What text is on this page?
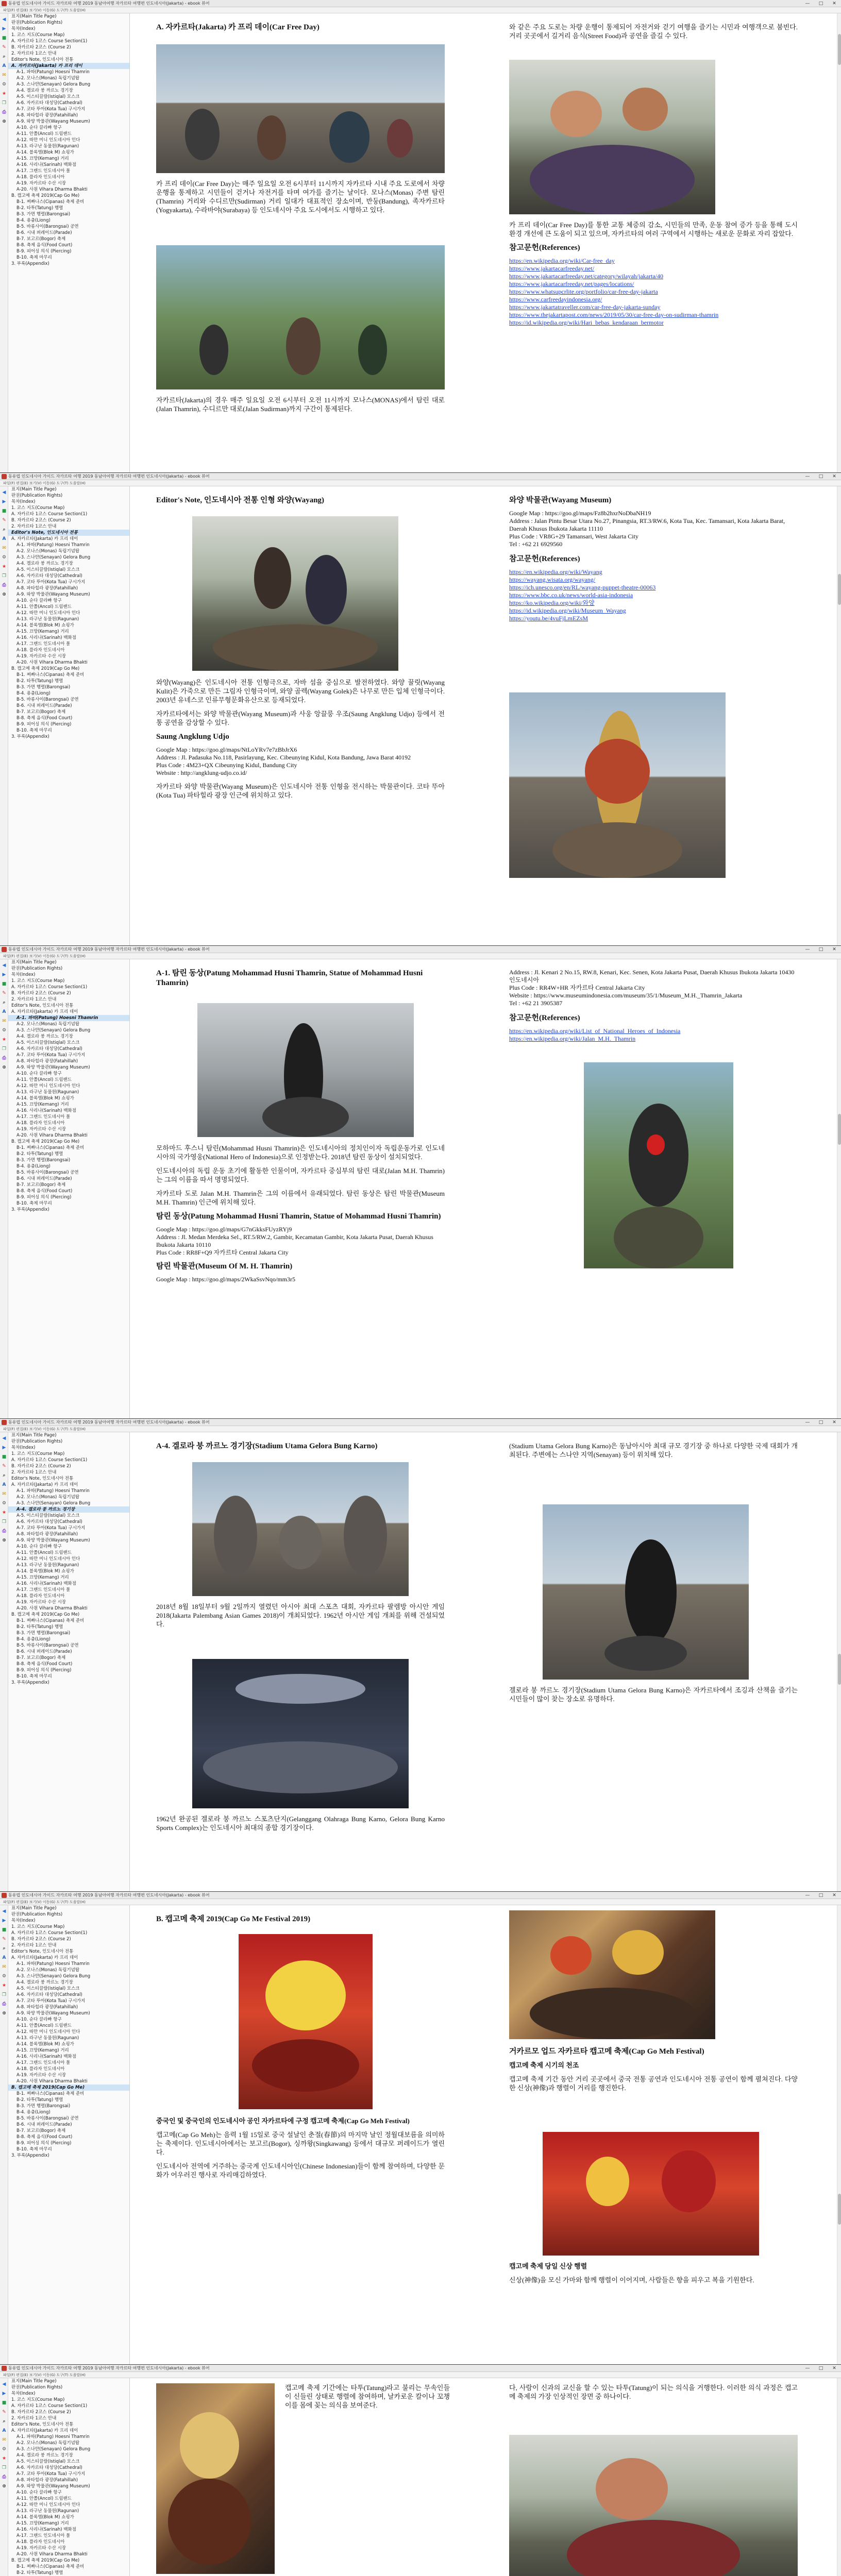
동유럽 인도네시아 가이드 자카르타 여행 2019 동남아여행 자카르타 여행편 인도네시아(Jakarta) - ebook 뷰어	—	□	✕
파일(F) 편집(E) 보기(V) 이동(G) 도구(T) 도움말(H)
◀
▶
■
✎
⌕
A
✉
⚙
★
❐
⎙
⊕
표지(Main Title Page)
판권(Publication Rights)
목차(Index)
1. 코스 지도(Course Map)
A. 자카르타 1코스 Course Section(1)
B. 자카르타 2코스 (Course 2)
2. 자카르타 1코스 안내
Editor's Note, 인도네시아 전통
A. 자카르타(Jakarta) 카 프리 데이
A-1. 파따(Patung) Hoesni Thamrin
A-2. 모나스(Monas) 독립기념탑
A-3. 스나얀(Senayan) Gelora Bung
A-4. 겔로라 붕 까르노 경기장
A-5. 이스티끌랄(Istiqlal) 모스크
A-6. 자카르타 대성당(Cathedral)
A-7. 코타 뚜아(Kota Tua) 구시가지
A-8. 파타힐라 광장(Fatahillah)
A-9. 와양 박물관(Wayang Museum)
A-10. 순다 끌라빠 항구
A-11. 안쫄(Ancol) 드림랜드
A-12. 따만 미니 인도네시아 인다
A-13. 라구난 동물원(Ragunan)
A-14. 블록엠(Blok M) 쇼핑가
A-15. 끄망(Kemang) 거리
A-16. 사리나(Sarinah) 백화점
A-17. 그랜드 인도네시아 몰
A-18. 플라자 인도네시아
A-19. 자카르타 수산 시장
A-20. 사원 Vihara Dharma Bhakti
B. 캡고메 축제 2019(Cap Go Me)
B-1. 찌빠나스(Cipanas) 축제 준비
B-2. 타투(Tatung) 행렬
B-3. 가면 행렬(Barongsai)
B-4. 용춤(Liong)
B-5. 바롱사이(Barongsai) 공연
B-6. 시내 퍼레이드(Parade)
B-7. 보고르(Bogor) 축제
B-8. 축제 음식(Food Court)
B-9. 피어싱 의식 (Piercing)
B-10. 축제 마무리
3. 부록(Appendix)
A. 자카르타(Jakarta) 카 프리 데이(Car Free Day)
카 프리 데이(Car Free Day)는 매주 일요일 오전 6시부터 11시까지 자카르타 시내 주요 도로에서 차량 운행을 통제하고 시민들이 걷거나 자전거를 타며 여가를 즐기는 날이다. 모나스(Monas) 주변 탐린(Thamrin) 거리와 수디르만(Sudirman) 거리 일대가 대표적인 장소이며, 반둥(Bandung), 족자카르타(Yogyakarta), 수라바야(Surabaya) 등 인도네시아 주요 도시에서도 시행하고 있다.
자카르타(Jakarta)의 경우 매주 일요일 오전 6시부터 오전 11시까지 모나스(MONAS)에서 탐린 대로(Jalan Thamrin), 수디르만 대로(Jalan Sudirman)까지 구간이 통제된다.
와 같은 주요 도로는 차량 운행이 통제되어 자전거와 걷기 여행을 즐기는 시민과 여행객으로 붐빈다. 거리 곳곳에서 길거리 음식(Street Food)과 공연을 즐길 수 있다.
카 프리 데이(Car Free Day)를 통한 교통 체증의 감소, 시민들의 만족, 운동 참여 증가 등을 통해 도시 환경 개선에 큰 도움이 되고 있으며, 자카르타의 여러 구역에서 시행하는 새로운 문화로 자리 잡았다.
참고문헌(References)
https://en.wikipedia.org/wiki/Car-free_day
https://www.jakartacarfreeday.net/
https://www.jakartacarfreeday.net/category/wilayah/jakarta/40
https://www.jakartacarfreeday.net/pages/locations/
https://www.whatsupcrlite.org/portfolio/car-free-day-jakarta
https://www.carfreedayindonesia.org/
https://www.jakartatraveller.com/car-free-day-jakarta-sunday
https://www.thejakartapost.com/news/2019/05/30/car-free-day-on-sudirman-thamrin
https://id.wikipedia.org/wiki/Hari_bebas_kendaraan_bermotor
동유럽 인도네시아 가이드 자카르타 여행 2019 동남아여행 자카르타 여행편 인도네시아(Jakarta) - ebook 뷰어	—	□	✕
파일(F) 편집(E) 보기(V) 이동(G) 도구(T) 도움말(H)
◀
▶
■
✎
⌕
A
✉
⚙
★
❐
⎙
⊕
표지(Main Title Page)
판권(Publication Rights)
목차(Index)
1. 코스 지도(Course Map)
A. 자카르타 1코스 Course Section(1)
B. 자카르타 2코스 (Course 2)
2. 자카르타 1코스 안내
Editor's Note, 인도네시아 전통
A. 자카르타(Jakarta) 카 프리 데이
A-1. 파따(Patung) Hoesni Thamrin
A-2. 모나스(Monas) 독립기념탑
A-3. 스나얀(Senayan) Gelora Bung
A-4. 겔로라 붕 까르노 경기장
A-5. 이스티끌랄(Istiqlal) 모스크
A-6. 자카르타 대성당(Cathedral)
A-7. 코타 뚜아(Kota Tua) 구시가지
A-8. 파타힐라 광장(Fatahillah)
A-9. 와양 박물관(Wayang Museum)
A-10. 순다 끌라빠 항구
A-11. 안쫄(Ancol) 드림랜드
A-12. 따만 미니 인도네시아 인다
A-13. 라구난 동물원(Ragunan)
A-14. 블록엠(Blok M) 쇼핑가
A-15. 끄망(Kemang) 거리
A-16. 사리나(Sarinah) 백화점
A-17. 그랜드 인도네시아 몰
A-18. 플라자 인도네시아
A-19. 자카르타 수산 시장
A-20. 사원 Vihara Dharma Bhakti
B. 캡고메 축제 2019(Cap Go Me)
B-1. 찌빠나스(Cipanas) 축제 준비
B-2. 타투(Tatung) 행렬
B-3. 가면 행렬(Barongsai)
B-4. 용춤(Liong)
B-5. 바롱사이(Barongsai) 공연
B-6. 시내 퍼레이드(Parade)
B-7. 보고르(Bogor) 축제
B-8. 축제 음식(Food Court)
B-9. 피어싱 의식 (Piercing)
B-10. 축제 마무리
3. 부록(Appendix)
Editor's Note, 인도네시아 전통 인형 와양(Wayang)
와양(Wayang)은 인도네시아 전통 인형극으로, 자바 섬을 중심으로 발전하였다. 와양 꿀릿(Wayang Kulit)은 가죽으로 만든 그림자 인형극이며, 와양 골렉(Wayang Golek)은 나무로 만든 입체 인형극이다. 2003년 유네스코 인류무형문화유산으로 등재되었다.
자카르타에서는 와양 박물관(Wayang Museum)과 사웅 앙끌룽 우조(Saung Angklung Udjo) 등에서 전통 공연을 감상할 수 있다.
Saung Angklung Udjo
Google Map : https://goo.gl/maps/NtLoYRv7e7zBbJrX6
Address : Jl. Padasuka No.118, Pasirlayung, Kec. Cibeunying Kidul, Kota Bandung, Jawa Barat 40192
Plus Code : 4M23+QX Cibeunying Kidul, Bandung City
Website : http://angklung-udjo.co.id/
자카르타 와양 박물관(Wayang Museum)은 인도네시아 전통 인형을 전시하는 박물관이다. 코타 뚜아(Kota Tua) 파타힐라 광장 인근에 위치하고 있다.
와양 박물관(Wayang Museum)
Google Map : https://goo.gl/maps/Fz8b2hxrNoDbaNH19
Address : Jalan Pintu Besar Utara No.27, Pinangsia, RT.3/RW.6, Kota Tua, Kec. Tamansari, Kota Jakarta Barat, Daerah Khusus Ibukota Jakarta 11110
Plus Code : VR8G+29 Tamansari, West Jakarta City
Tel : +62 21 6929560
참고문헌(References)
https://en.wikipedia.org/wiki/Wayang
https://wayang.wisata.org/wayang/
https://ich.unesco.org/en/RL/wayang-puppet-theatre-00063
https://www.bbc.co.uk/news/world-asia-indonesia
https://ko.wikipedia.org/wiki/와양
https://id.wikipedia.org/wiki/Museum_Wayang
https://youtu.be/4vuFjLmEZsM
동유럽 인도네시아 가이드 자카르타 여행 2019 동남아여행 자카르타 여행편 인도네시아(Jakarta) - ebook 뷰어	—	□	✕
파일(F) 편집(E) 보기(V) 이동(G) 도구(T) 도움말(H)
◀
▶
■
✎
⌕
A
✉
⚙
★
❐
⎙
⊕
표지(Main Title Page)
판권(Publication Rights)
목차(Index)
1. 코스 지도(Course Map)
A. 자카르타 1코스 Course Section(1)
B. 자카르타 2코스 (Course 2)
2. 자카르타 1코스 안내
Editor's Note, 인도네시아 전통
A. 자카르타(Jakarta) 카 프리 데이
A-1. 파따(Patung) Hoesni Thamrin
A-2. 모나스(Monas) 독립기념탑
A-3. 스나얀(Senayan) Gelora Bung
A-4. 겔로라 붕 까르노 경기장
A-5. 이스티끌랄(Istiqlal) 모스크
A-6. 자카르타 대성당(Cathedral)
A-7. 코타 뚜아(Kota Tua) 구시가지
A-8. 파타힐라 광장(Fatahillah)
A-9. 와양 박물관(Wayang Museum)
A-10. 순다 끌라빠 항구
A-11. 안쫄(Ancol) 드림랜드
A-12. 따만 미니 인도네시아 인다
A-13. 라구난 동물원(Ragunan)
A-14. 블록엠(Blok M) 쇼핑가
A-15. 끄망(Kemang) 거리
A-16. 사리나(Sarinah) 백화점
A-17. 그랜드 인도네시아 몰
A-18. 플라자 인도네시아
A-19. 자카르타 수산 시장
A-20. 사원 Vihara Dharma Bhakti
B. 캡고메 축제 2019(Cap Go Me)
B-1. 찌빠나스(Cipanas) 축제 준비
B-2. 타투(Tatung) 행렬
B-3. 가면 행렬(Barongsai)
B-4. 용춤(Liong)
B-5. 바롱사이(Barongsai) 공연
B-6. 시내 퍼레이드(Parade)
B-7. 보고르(Bogor) 축제
B-8. 축제 음식(Food Court)
B-9. 피어싱 의식 (Piercing)
B-10. 축제 마무리
3. 부록(Appendix)
A-1. 탐린 동상(Patung Mohammad Husni Thamrin, Statue of Mohammad Husni Thamrin)
모하마드 후스니 탐린(Mohammad Husni Thamrin)은 인도네시아의 정치인이자 독립운동가로 인도네시아의 국가영웅(National Hero of Indonesia)으로 인정받는다. 2018년 탐린 동상이 설치되었다.
인도네시아의 독립 운동 초기에 활동한 인물이며, 자카르타 중심부의 탐린 대로(Jalan M.H. Thamrin)는 그의 이름을 따서 명명되었다.
자카르타 도로 Jalan M.H. Thamrin은 그의 이름에서 유래되었다. 탐린 동상은 탐린 박물관(Museum M.H. Thamrin) 인근에 위치해 있다.
탐린 동상(Patung Mohammad Husni Thamrin, Statue of Mohammad Husni Thamrin)
Google Map : https://goo.gl/maps/G7nGkksFUyzRYj9
Address : Jl. Medan Merdeka Sel., RT.5/RW.2, Gambir, Kecamatan Gambir, Kota Jakarta Pusat, Daerah Khusus Ibukota Jakarta 10110
Plus Code : RR8F+Q9 자카르타 Central Jakarta City
탐린 박물관(Museum Of M. H. Thamrin)
Google Map : https://goo.gl/maps/2WkaSsvNqo/mm3r5
Address : Jl. Kenari 2 No.15, RW.8, Kenari, Kec. Senen, Kota Jakarta Pusat, Daerah Khusus Ibukota Jakarta 10430 인도네시아
Plus Code : RR4W+HR 자카르타 Central Jakarta City
Website : https://www.museumindonesia.com/museum/35/1/Museum_M.H._Thamrin_Jakarta
Tel : +62 21 3905387
참고문헌(References)
https://en.wikipedia.org/wiki/List_of_National_Heroes_of_Indonesia
https://en.wikipedia.org/wiki/Jalan_M.H._Thamrin
동유럽 인도네시아 가이드 자카르타 여행 2019 동남아여행 자카르타 여행편 인도네시아(Jakarta) - ebook 뷰어	—	□	✕
파일(F) 편집(E) 보기(V) 이동(G) 도구(T) 도움말(H)
◀
▶
■
✎
⌕
A
✉
⚙
★
❐
⎙
⊕
표지(Main Title Page)
판권(Publication Rights)
목차(Index)
1. 코스 지도(Course Map)
A. 자카르타 1코스 Course Section(1)
B. 자카르타 2코스 (Course 2)
2. 자카르타 1코스 안내
Editor's Note, 인도네시아 전통
A. 자카르타(Jakarta) 카 프리 데이
A-1. 파따(Patung) Hoesni Thamrin
A-2. 모나스(Monas) 독립기념탑
A-3. 스나얀(Senayan) Gelora Bung
A-4. 겔로라 붕 까르노 경기장
A-5. 이스티끌랄(Istiqlal) 모스크
A-6. 자카르타 대성당(Cathedral)
A-7. 코타 뚜아(Kota Tua) 구시가지
A-8. 파타힐라 광장(Fatahillah)
A-9. 와양 박물관(Wayang Museum)
A-10. 순다 끌라빠 항구
A-11. 안쫄(Ancol) 드림랜드
A-12. 따만 미니 인도네시아 인다
A-13. 라구난 동물원(Ragunan)
A-14. 블록엠(Blok M) 쇼핑가
A-15. 끄망(Kemang) 거리
A-16. 사리나(Sarinah) 백화점
A-17. 그랜드 인도네시아 몰
A-18. 플라자 인도네시아
A-19. 자카르타 수산 시장
A-20. 사원 Vihara Dharma Bhakti
B. 캡고메 축제 2019(Cap Go Me)
B-1. 찌빠나스(Cipanas) 축제 준비
B-2. 타투(Tatung) 행렬
B-3. 가면 행렬(Barongsai)
B-4. 용춤(Liong)
B-5. 바롱사이(Barongsai) 공연
B-6. 시내 퍼레이드(Parade)
B-7. 보고르(Bogor) 축제
B-8. 축제 음식(Food Court)
B-9. 피어싱 의식 (Piercing)
B-10. 축제 마무리
3. 부록(Appendix)
A-4. 겔로라 붕 까르노 경기장(Stadium Utama Gelora Bung Karno)
2018년 8월 18일부터 9월 2일까지 열렸던 아시아 최대 스포츠 대회, 자카르타 팔렘방 아시안 게임 2018(Jakarta Palembang Asian Games 2018)이 개최되었다. 1962년 아시안 게임 개최를 위해 건설되었다.
1962년 완공된 겔로라 붕 까르노 스포츠단지(Gelanggang Olahraga Bung Karno, Gelora Bung Karno Sports Complex)는 인도네시아 최대의 종합 경기장이다.
(Stadium Utama Gelora Bung Karno)은 동남아시아 최대 규모 경기장 중 하나로 다양한 국제 대회가 개최된다. 주변에는 스나얀 지역(Senayan) 등이 위치해 있다.
겔로라 붕 까르노 경기장(Stadium Utama Gelora Bung Karno)은 자카르타에서 조깅과 산책을 즐기는 시민들이 많이 찾는 장소로 유명하다.
동유럽 인도네시아 가이드 자카르타 여행 2019 동남아여행 자카르타 여행편 인도네시아(Jakarta) - ebook 뷰어	—	□	✕
파일(F) 편집(E) 보기(V) 이동(G) 도구(T) 도움말(H)
◀
▶
■
✎
⌕
A
✉
⚙
★
❐
⎙
⊕
표지(Main Title Page)
판권(Publication Rights)
목차(Index)
1. 코스 지도(Course Map)
A. 자카르타 1코스 Course Section(1)
B. 자카르타 2코스 (Course 2)
2. 자카르타 1코스 안내
Editor's Note, 인도네시아 전통
A. 자카르타(Jakarta) 카 프리 데이
A-1. 파따(Patung) Hoesni Thamrin
A-2. 모나스(Monas) 독립기념탑
A-3. 스나얀(Senayan) Gelora Bung
A-4. 겔로라 붕 까르노 경기장
A-5. 이스티끌랄(Istiqlal) 모스크
A-6. 자카르타 대성당(Cathedral)
A-7. 코타 뚜아(Kota Tua) 구시가지
A-8. 파타힐라 광장(Fatahillah)
A-9. 와양 박물관(Wayang Museum)
A-10. 순다 끌라빠 항구
A-11. 안쫄(Ancol) 드림랜드
A-12. 따만 미니 인도네시아 인다
A-13. 라구난 동물원(Ragunan)
A-14. 블록엠(Blok M) 쇼핑가
A-15. 끄망(Kemang) 거리
A-16. 사리나(Sarinah) 백화점
A-17. 그랜드 인도네시아 몰
A-18. 플라자 인도네시아
A-19. 자카르타 수산 시장
A-20. 사원 Vihara Dharma Bhakti
B. 캡고메 축제 2019(Cap Go Me)
B-1. 찌빠나스(Cipanas) 축제 준비
B-2. 타투(Tatung) 행렬
B-3. 가면 행렬(Barongsai)
B-4. 용춤(Liong)
B-5. 바롱사이(Barongsai) 공연
B-6. 시내 퍼레이드(Parade)
B-7. 보고르(Bogor) 축제
B-8. 축제 음식(Food Court)
B-9. 피어싱 의식 (Piercing)
B-10. 축제 마무리
3. 부록(Appendix)
B. 캡고메 축제 2019(Cap Go Me Festival 2019)
중국인 및 중국인의 인도네시아 공인 자카르타에 구정 캡고메 축제(Cap Go Meh Festival)
캡고메(Cap Go Meh)는 음력 1월 15일로 중국 설날인 춘절(春節)의 마지막 날인 정월대보름을 의미하는 축제이다. 인도네시아에서는 보고르(Bogor), 싱까왕(Singkawang) 등에서 대규모 퍼레이드가 열린다.
인도네시아 전역에 거주하는 중국계 인도네시아인(Chinese Indonesian)들이 함께 참여하며, 다양한 문화가 어우러진 행사로 자리매김하였다.
거카르모 업드 자카르타 캡고메 축제(Cap Go Meh Festival)
캡고메 축제 시기의 천조
캡고메 축제 기간 동안 거리 곳곳에서 중국 전통 공연과 인도네시아 전통 공연이 함께 펼쳐진다. 다양한 신상(神像)과 행렬이 거리를 행진한다.
캡고메 축제 당일 신상 행렬
신상(神像)을 모신 가마와 함께 행렬이 이어지며, 사람들은 향을 피우고 복을 기원한다.
동유럽 인도네시아 가이드 자카르타 여행 2019 동남아여행 자카르타 여행편 인도네시아(Jakarta) - ebook 뷰어	—	□	✕
파일(F) 편집(E) 보기(V) 이동(G) 도구(T) 도움말(H)
◀
▶
■
✎
⌕
A
✉
⚙
★
❐
⎙
⊕
표지(Main Title Page)
판권(Publication Rights)
목차(Index)
1. 코스 지도(Course Map)
A. 자카르타 1코스 Course Section(1)
B. 자카르타 2코스 (Course 2)
2. 자카르타 1코스 안내
Editor's Note, 인도네시아 전통
A. 자카르타(Jakarta) 카 프리 데이
A-1. 파따(Patung) Hoesni Thamrin
A-2. 모나스(Monas) 독립기념탑
A-3. 스나얀(Senayan) Gelora Bung
A-4. 겔로라 붕 까르노 경기장
A-5. 이스티끌랄(Istiqlal) 모스크
A-6. 자카르타 대성당(Cathedral)
A-7. 코타 뚜아(Kota Tua) 구시가지
A-8. 파타힐라 광장(Fatahillah)
A-9. 와양 박물관(Wayang Museum)
A-10. 순다 끌라빠 항구
A-11. 안쫄(Ancol) 드림랜드
A-12. 따만 미니 인도네시아 인다
A-13. 라구난 동물원(Ragunan)
A-14. 블록엠(Blok M) 쇼핑가
A-15. 끄망(Kemang) 거리
A-16. 사리나(Sarinah) 백화점
A-17. 그랜드 인도네시아 몰
A-18. 플라자 인도네시아
A-19. 자카르타 수산 시장
A-20. 사원 Vihara Dharma Bhakti
B. 캡고메 축제 2019(Cap Go Me)
B-1. 찌빠나스(Cipanas) 축제 준비
B-2. 타투(Tatung) 행렬
캡고메 축제 기간에는 타투(Tatung)라고 불리는 무속인들이 신들린 상태로 행렬에 참여하며, 날카로운 칼이나 꼬챙이를 몸에 꽂는 의식을 보여준다.
다, 사람이 신과의 교신을 할 수 있는 타투(Tatung)이 되는 의식을 거행한다. 이러한 의식 과정은 캡고메 축제의 가장 인상적인 장면 중 하나이다.
